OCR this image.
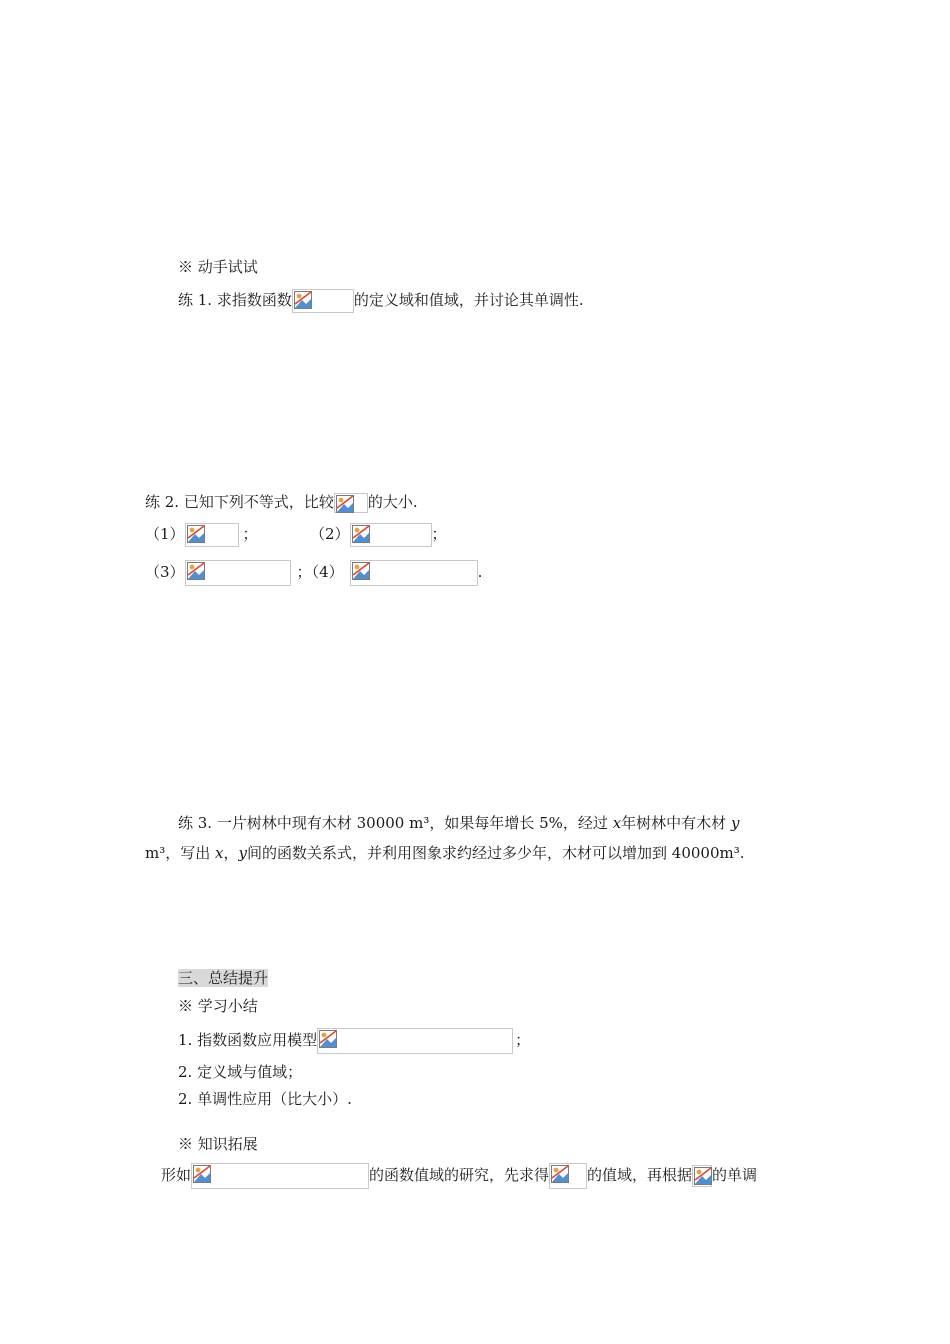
※ 动手试试
练 1. 求指数函数	的定义域和值域，并讨论其单调性.
练 2. 已知下列不等式，比较 的大小.
（1）	；	（2）	；
（3）	；（4）	.
练 3. 一片树林中现有木材 30000 m³，如果每年增长 5%，经过 x年树林中有木材 y
m³，写出 x，y间的函数关系式，并利用图象求约经过多少年，木材可以增加到 40000m³.
三、总结提升
※ 学习小结
1. 指数函数应用模型	；
2. 定义域与值域；
2. 单调性应用（比大小）.
※ 知识拓展
形如	的函数值域的研究，先求得	的值域，再根据 的单调
